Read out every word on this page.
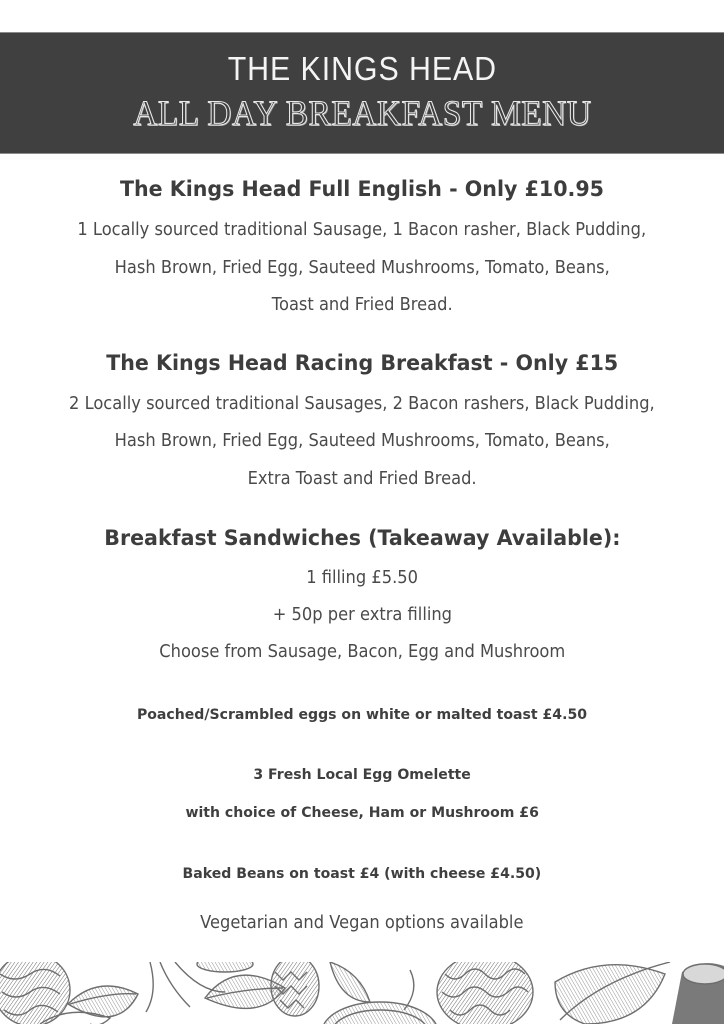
THE KINGS HEAD
ALL DAY BREAKFAST MENU
The Kings Head Full English - Only £10.95
1 Locally sourced traditional Sausage, 1 Bacon rasher, Black Pudding,
Hash Brown, Fried Egg, Sauteed Mushrooms, Tomato, Beans,
Toast and Fried Bread.
The Kings Head Racing Breakfast - Only £15
2 Locally sourced traditional Sausages, 2 Bacon rashers, Black Pudding,
Hash Brown, Fried Egg, Sauteed Mushrooms, Tomato, Beans,
Extra Toast and Fried Bread.
Breakfast Sandwiches (Takeaway Available):
1 filling £5.50
+ 50p per extra filling
Choose from Sausage, Bacon, Egg and Mushroom
Poached/Scrambled eggs on white or malted toast £4.50
3 Fresh Local Egg Omelette
with choice of Cheese, Ham or Mushroom £6
Baked Beans on toast £4 (with cheese £4.50)
Vegetarian and Vegan options available
